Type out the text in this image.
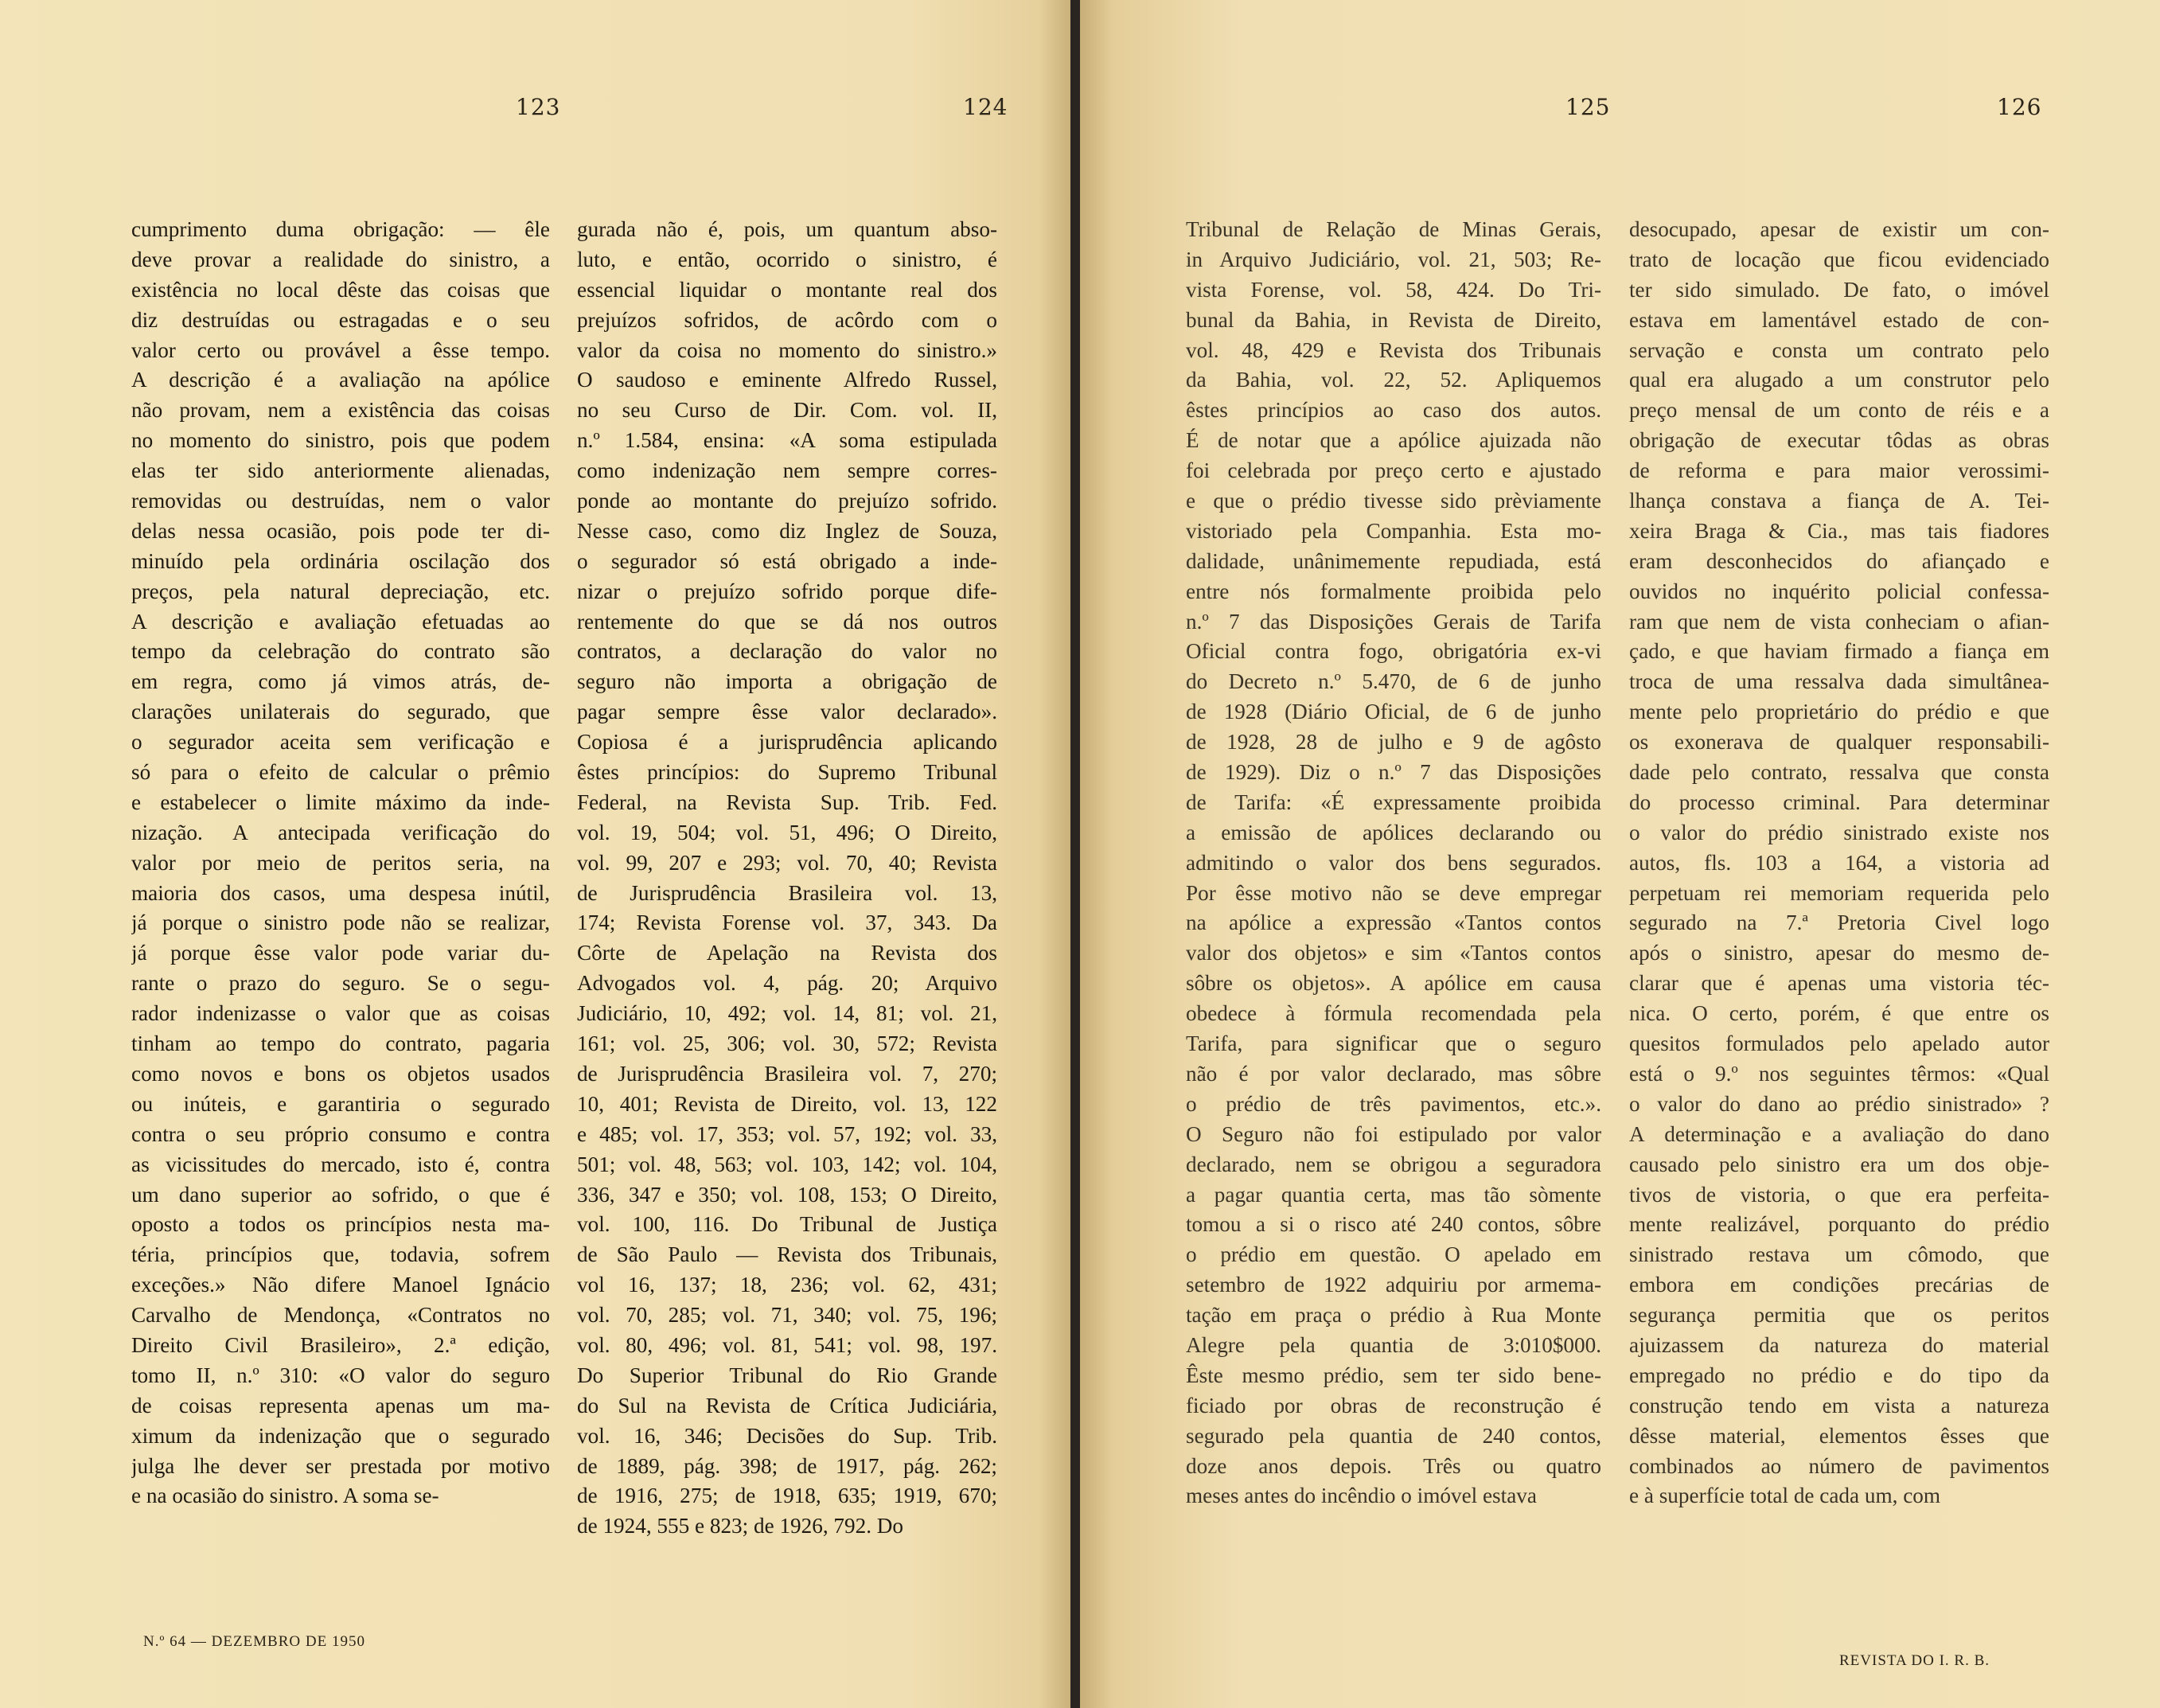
123	124
cumprimento duma obrigação: — êle
deve provar a realidade do sinistro, a
existência no local dêste das coisas que
diz destruídas ou estragadas e o seu
valor certo ou provável a êsse tempo.
A descrição é a avaliação na apólice
não provam, nem a existência das coisas
no momento do sinistro, pois que podem
elas ter sido anteriormente alienadas,
removidas ou destruídas, nem o valor
delas nessa ocasião, pois pode ter di-
minuído pela ordinária oscilação dos
preços, pela natural depreciação, etc.
A descrição e avaliação efetuadas ao
tempo da celebração do contrato são
em regra, como já vimos atrás, de-
clarações unilaterais do segurado, que
o segurador aceita sem verificação e
só para o efeito de calcular o prêmio
e estabelecer o limite máximo da inde-
nização. A antecipada verificação do
valor por meio de peritos seria, na
maioria dos casos, uma despesa inútil,
já porque o sinistro pode não se realizar,
já porque êsse valor pode variar du-
rante o prazo do seguro. Se o segu-
rador indenizasse o valor que as coisas
tinham ao tempo do contrato, pagaria
como novos e bons os objetos usados
ou inúteis, e garantiria o segurado
contra o seu próprio consumo e contra
as vicissitudes do mercado, isto é, contra
um dano superior ao sofrido, o que é
oposto a todos os princípios nesta ma-
téria, princípios que, todavia, sofrem
exceções.» Não difere Manoel Ignácio
Carvalho de Mendonça, «Contratos no
Direito Civil Brasileiro», 2.ª edição,
tomo II, n.º 310: «O valor do seguro
de coisas representa apenas um ma-
ximum da indenização que o segurado
julga lhe dever ser prestada por motivo
e na ocasião do sinistro. A soma se-
gurada não é, pois, um quantum abso-
luto, e então, ocorrido o sinistro, é
essencial liquidar o montante real dos
prejuízos sofridos, de acôrdo com o
valor da coisa no momento do sinistro.»
O saudoso e eminente Alfredo Russel,
no seu Curso de Dir. Com. vol. II,
n.º 1.584, ensina: «A soma estipulada
como indenização nem sempre corres-
ponde ao montante do prejuízo sofrido.
Nesse caso, como diz Inglez de Souza,
o segurador só está obrigado a inde-
nizar o prejuízo sofrido porque dife-
rentemente do que se dá nos outros
contratos, a declaração do valor no
seguro não importa a obrigação de
pagar sempre êsse valor declarado».
Copiosa é a jurisprudência aplicando
êstes princípios: do Supremo Tribunal
Federal, na Revista Sup. Trib. Fed.
vol. 19, 504; vol. 51, 496; O Direito,
vol. 99, 207 e 293; vol. 70, 40; Revista
de Jurisprudência Brasileira vol. 13,
174; Revista Forense vol. 37, 343. Da
Côrte de Apelação na Revista dos
Advogados vol. 4, pág. 20; Arquivo
Judiciário, 10, 492; vol. 14, 81; vol. 21,
161; vol. 25, 306; vol. 30, 572; Revista
de Jurisprudência Brasileira vol. 7, 270;
10, 401; Revista de Direito, vol. 13, 122
e 485; vol. 17, 353; vol. 57, 192; vol. 33,
501; vol. 48, 563; vol. 103, 142; vol. 104,
336, 347 e 350; vol. 108, 153; O Direito,
vol. 100, 116. Do Tribunal de Justiça
de São Paulo — Revista dos Tribunais,
vol 16, 137; 18, 236; vol. 62, 431;
vol. 70, 285; vol. 71, 340; vol. 75, 196;
vol. 80, 496; vol. 81, 541; vol. 98, 197.
Do Superior Tribunal do Rio Grande
do Sul na Revista de Crítica Judiciária,
vol. 16, 346; Decisões do Sup. Trib.
de 1889, pág. 398; de 1917, pág. 262;
de 1916, 275; de 1918, 635; 1919, 670;
de 1924, 555 e 823; de 1926, 792. Do
N.º 64 — DEZEMBRO DE 1950
125	126
Tribunal de Relação de Minas Gerais,
in Arquivo Judiciário, vol. 21, 503; Re-
vista Forense, vol. 58, 424. Do Tri-
bunal da Bahia, in Revista de Direito,
vol. 48, 429 e Revista dos Tribunais
da Bahia, vol. 22, 52. Apliquemos
êstes princípios ao caso dos autos.
É de notar que a apólice ajuizada não
foi celebrada por preço certo e ajustado
e que o prédio tivesse sido prèviamente
vistoriado pela Companhia. Esta mo-
dalidade, unânimemente repudiada, está
entre nós formalmente proibida pelo
n.º 7 das Disposições Gerais de Tarifa
Oficial contra fogo, obrigatória ex-vi
do Decreto n.º 5.470, de 6 de junho
de 1928 (Diário Oficial, de 6 de junho
de 1928, 28 de julho e 9 de agôsto
de 1929). Diz o n.º 7 das Disposições
de Tarifa: «É expressamente proibida
a emissão de apólices declarando ou
admitindo o valor dos bens segurados.
Por êsse motivo não se deve empregar
na apólice a expressão «Tantos contos
valor dos objetos» e sim «Tantos contos
sôbre os objetos». A apólice em causa
obedece à fórmula recomendada pela
Tarifa, para significar que o seguro
não é por valor declarado, mas sôbre
o prédio de três pavimentos, etc.».
O Seguro não foi estipulado por valor
declarado, nem se obrigou a seguradora
a pagar quantia certa, mas tão sòmente
tomou a si o risco até 240 contos, sôbre
o prédio em questão. O apelado em
setembro de 1922 adquiriu por armema-
tação em praça o prédio à Rua Monte
Alegre pela quantia de 3:010$000.
Êste mesmo prédio, sem ter sido bene-
ficiado por obras de reconstrução é
segurado pela quantia de 240 contos,
doze anos depois. Três ou quatro
meses antes do incêndio o imóvel estava
desocupado, apesar de existir um con-
trato de locação que ficou evidenciado
ter sido simulado. De fato, o imóvel
estava em lamentável estado de con-
servação e consta um contrato pelo
qual era alugado a um construtor pelo
preço mensal de um conto de réis e a
obrigação de executar tôdas as obras
de reforma e para maior verossimi-
lhança constava a fiança de A. Tei-
xeira Braga & Cia., mas tais fiadores
eram desconhecidos do afiançado e
ouvidos no inquérito policial confessa-
ram que nem de vista conheciam o afian-
çado, e que haviam firmado a fiança em
troca de uma ressalva dada simultânea-
mente pelo proprietário do prédio e que
os exonerava de qualquer responsabili-
dade pelo contrato, ressalva que consta
do processo criminal. Para determinar
o valor do prédio sinistrado existe nos
autos, fls. 103 a 164, a vistoria ad
perpetuam rei memoriam requerida pelo
segurado na 7.ª Pretoria Civel logo
após o sinistro, apesar do mesmo de-
clarar que é apenas uma vistoria téc-
nica. O certo, porém, é que entre os
quesitos formulados pelo apelado autor
está o 9.º nos seguintes têrmos: «Qual
o valor do dano ao prédio sinistrado» ?
A determinação e a avaliação do dano
causado pelo sinistro era um dos obje-
tivos de vistoria, o que era perfeita-
mente realizável, porquanto do prédio
sinistrado restava um cômodo, que
embora em condições precárias de
segurança permitia que os peritos
ajuizassem da natureza do material
empregado no prédio e do tipo da
construção tendo em vista a natureza
dêsse material, elementos êsses que
combinados ao número de pavimentos
e à superfície total de cada um, com
REVISTA DO I. R. B.
